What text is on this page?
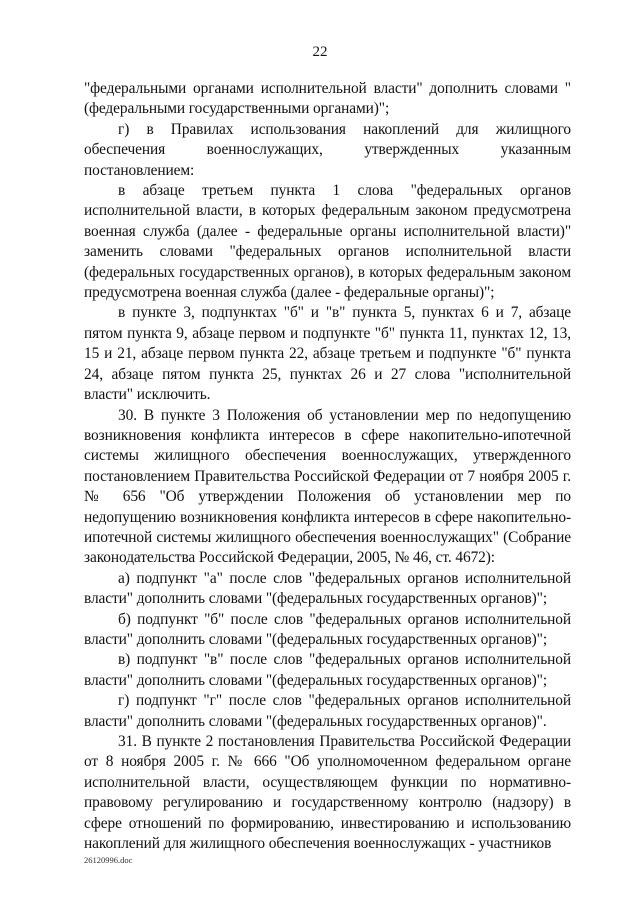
22

"федеральными органами исполнительной власти" дополнить словами "(федеральными государственными органами)";

г) в Правилах использования накоплений для жилищного обеспечения военнослужащих, утвержденных указанным постановлением:

в абзаце третьем пункта 1 слова "федеральных органов исполнительной власти, в которых федеральным законом предусмотрена военная служба (далее - федеральные органы исполнительной власти)" заменить словами "федеральных органов исполнительной власти (федеральных государственных органов), в которых федеральным законом предусмотрена военная служба (далее - федеральные органы)";

в пункте 3, подпунктах "б" и "в" пункта 5, пунктах 6 и 7, абзаце пятом пункта 9, абзаце первом и подпункте "б" пункта 11, пунктах 12, 13, 15 и 21, абзаце первом пункта 22, абзаце третьем и подпункте "б" пункта 24, абзаце пятом пункта 25, пунктах 26 и 27 слова "исполнительной власти" исключить.

30. В пункте 3 Положения об установлении мер по недопущению возникновения конфликта интересов в сфере накопительно-ипотечной системы жилищного обеспечения военнослужащих, утвержденного постановлением Правительства Российской Федерации от 7 ноября 2005 г. № 656 "Об утверждении Положения об установлении мер по недопущению возникновения конфликта интересов в сфере накопительно-ипотечной системы жилищного обеспечения военнослужащих" (Собрание законодательства Российской Федерации, 2005, № 46, ст. 4672):

а) подпункт "а" после слов "федеральных органов исполнительной власти" дополнить словами "(федеральных государственных органов)";

б) подпункт "б" после слов "федеральных органов исполнительной власти" дополнить словами "(федеральных государственных органов)";

в) подпункт "в" после слов "федеральных органов исполнительной власти" дополнить словами "(федеральных государственных органов)";

г) подпункт "г" после слов "федеральных органов исполнительной власти" дополнить словами "(федеральных государственных органов)".

31. В пункте 2 постановления Правительства Российской Федерации от 8 ноября 2005 г. № 666 "Об уполномоченном федеральном органе исполнительной власти, осуществляющем функции по нормативно-правовому регулированию и государственному контролю (надзору) в сфере отношений по формированию, инвестированию и использованию накоплений для жилищного обеспечения военнослужащих - участников

26120996.doc
